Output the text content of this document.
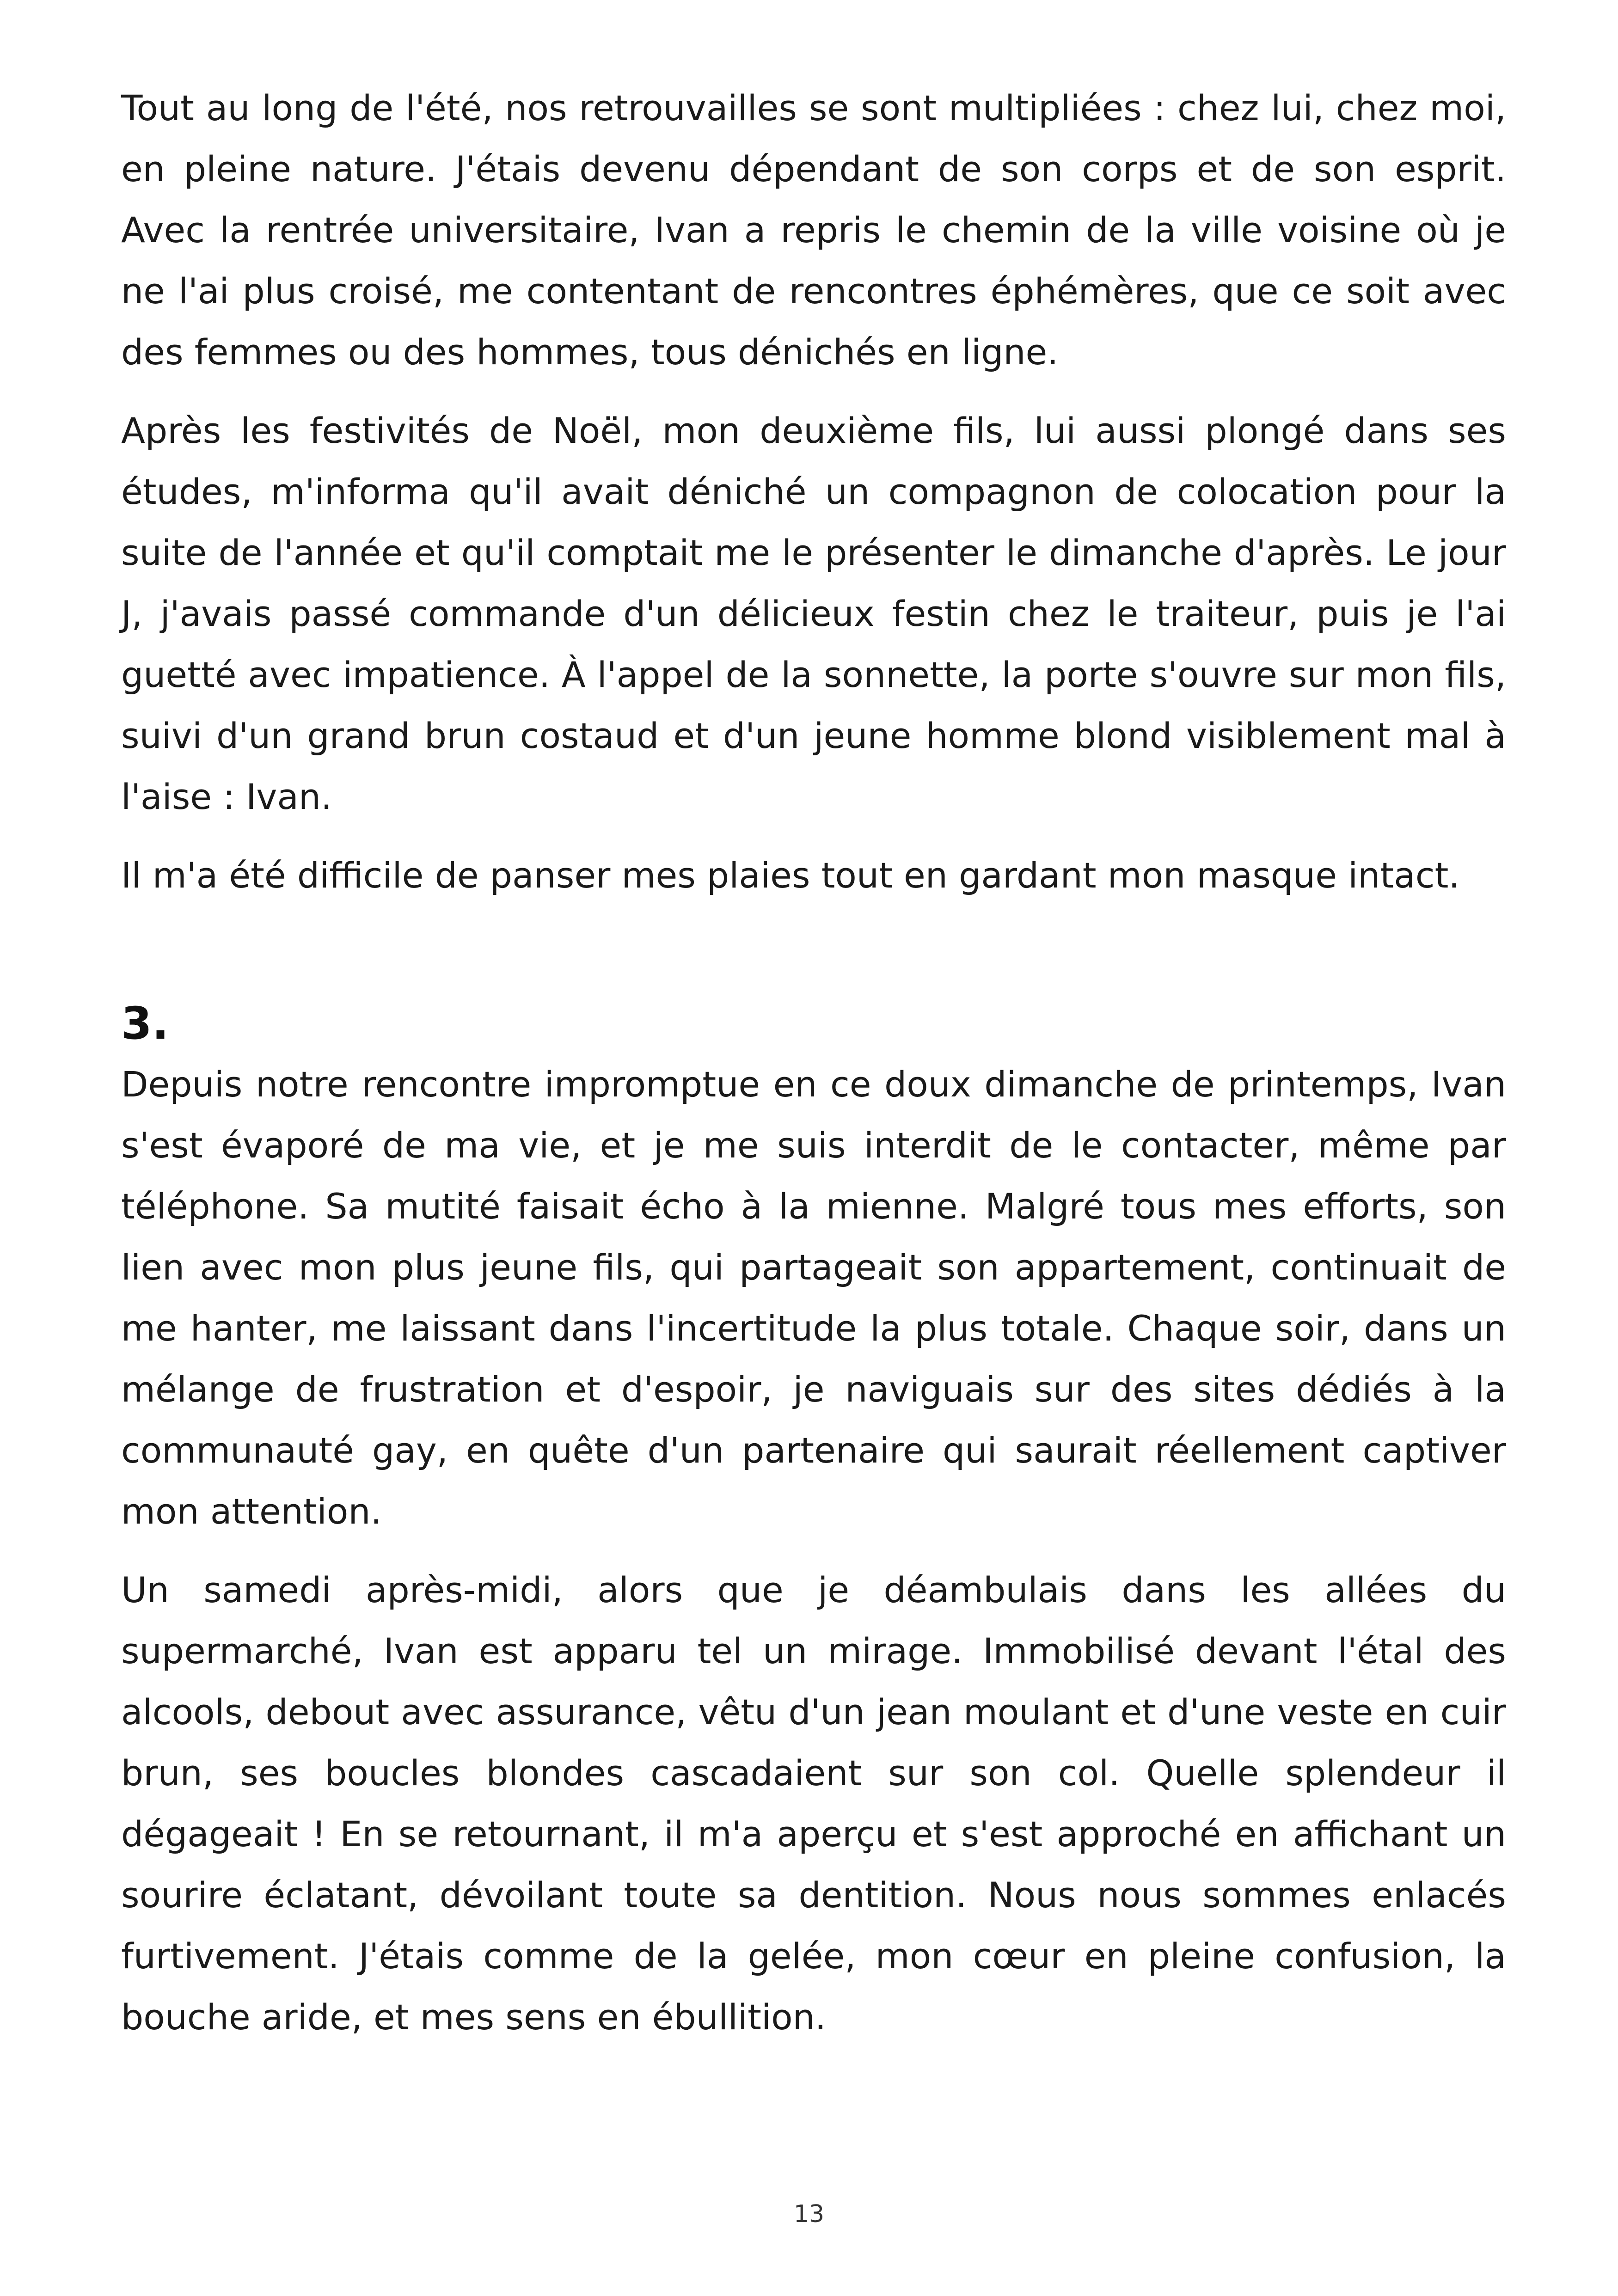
Tout au long de l'été, nos retrouvailles se sont multipliées : chez lui, chez moi, en pleine nature. J'étais devenu dépendant de son corps et de son esprit. Avec la rentrée universitaire, Ivan a repris le chemin de la ville voisine où je ne l'ai plus croisé, me contentant de rencontres éphémères, que ce soit avec des femmes ou des hommes, tous dénichés en ligne.

Après les festivités de Noël, mon deuxième fils, lui aussi plongé dans ses études, m'informa qu'il avait déniché un compagnon de colocation pour la suite de l'année et qu'il comptait me le présenter le dimanche d'après. Le jour J, j'avais passé commande d'un délicieux festin chez le traiteur, puis je l'ai guetté avec impatience. À l'appel de la sonnette, la porte s'ouvre sur mon fils, suivi d'un grand brun costaud et d'un jeune homme blond visiblement mal à l'aise : Ivan.

Il m'a été difficile de panser mes plaies tout en gardant mon masque intact.

3.

Depuis notre rencontre impromptue en ce doux dimanche de printemps, Ivan s'est évaporé de ma vie, et je me suis interdit de le contacter, même par téléphone. Sa mutité faisait écho à la mienne. Malgré tous mes efforts, son lien avec mon plus jeune fils, qui partageait son appartement, continuait de me hanter, me laissant dans l'incertitude la plus totale. Chaque soir, dans un mélange de frustration et d'espoir, je naviguais sur des sites dédiés à la communauté gay, en quête d'un partenaire qui saurait réellement captiver mon attention.

Un samedi après-midi, alors que je déambulais dans les allées du supermarché, Ivan est apparu tel un mirage. Immobilisé devant l'étal des alcools, debout avec assurance, vêtu d'un jean moulant et d'une veste en cuir brun, ses boucles blondes cascadaient sur son col. Quelle splendeur il dégageait ! En se retournant, il m'a aperçu et s'est approché en affichant un sourire éclatant, dévoilant toute sa dentition. Nous nous sommes enlacés furtivement. J'étais comme de la gelée, mon cœur en pleine confusion, la bouche aride, et mes sens en ébullition.

13
